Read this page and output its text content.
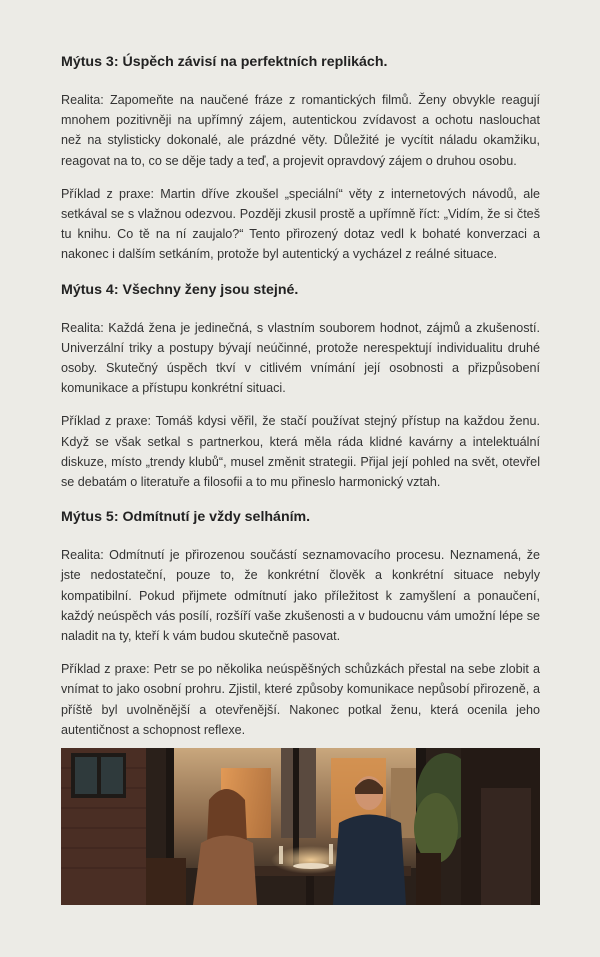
Mýtus 3: Úspěch závisí na perfektních replikách.

Realita: Zapomeňte na naučené fráze z romantických filmů. Ženy obvykle reagují mnohem pozitivněji na upřímný zájem, autentickou zvídavost a ochotu naslouchat než na stylisticky dokonalé, ale prázdné věty. Důležité je vycítit náladu okamžiku, reagovat na to, co se děje tady a teď, a projevit opravdový zájem o druhou osobu.

Příklad z praxe: Martin dříve zkoušel „speciální“ věty z internetových návodů, ale setkával se s vlažnou odezvou. Později zkusil prostě a upřímně říct: „Vidím, že si čteš tu knihu. Co tě na ní zaujalo?“ Tento přirozený dotaz vedl k bohaté konverzaci a nakonec i dalším setkáním, protože byl autentický a vycházel z reálné situace.

Mýtus 4: Všechny ženy jsou stejné.

Realita: Každá žena je jedinečná, s vlastním souborem hodnot, zájmů a zkušeností. Univerzální triky a postupy bývají neúčinné, protože nerespektují individualitu druhé osoby. Skutečný úspěch tkví v citlivém vnímání její osobnosti a přizpůsobení komunikace a přístupu konkrétní situaci.

Příklad z praxe: Tomáš kdysi věřil, že stačí používat stejný přístup na každou ženu. Když se však setkal s partnerkou, která měla ráda klidné kavárny a intelektuální diskuze, místo „trendy klubů“, musel změnit strategii. Přijal její pohled na svět, otevřel se debatám o literatuře a filosofii a to mu přineslo harmonický vztah.

Mýtus 5: Odmítnutí je vždy selháním.

Realita: Odmítnutí je přirozenou součástí seznamovacího procesu. Neznamená, že jste nedostateční, pouze to, že konkrétní člověk a konkrétní situace nebyly kompatibilní. Pokud přijmete odmítnutí jako příležitost k zamyšlení a ponaučení, každý neúspěch vás posílí, rozšíří vaše zkušenosti a v budoucnu vám umožní lépe se naladit na ty, kteří k vám budou skutečně pasovat.

Příklad z praxe: Petr se po několika neúspěšných schůzkách přestal na sebe zlobit a vnímat to jako osobní prohru. Zjistil, které způsoby komunikace nepůsobí přirozeně, a příště byl uvolněnější a otevřenější. Nakonec potkal ženu, která ocenila jeho autentičnost a schopnost reflexe.
